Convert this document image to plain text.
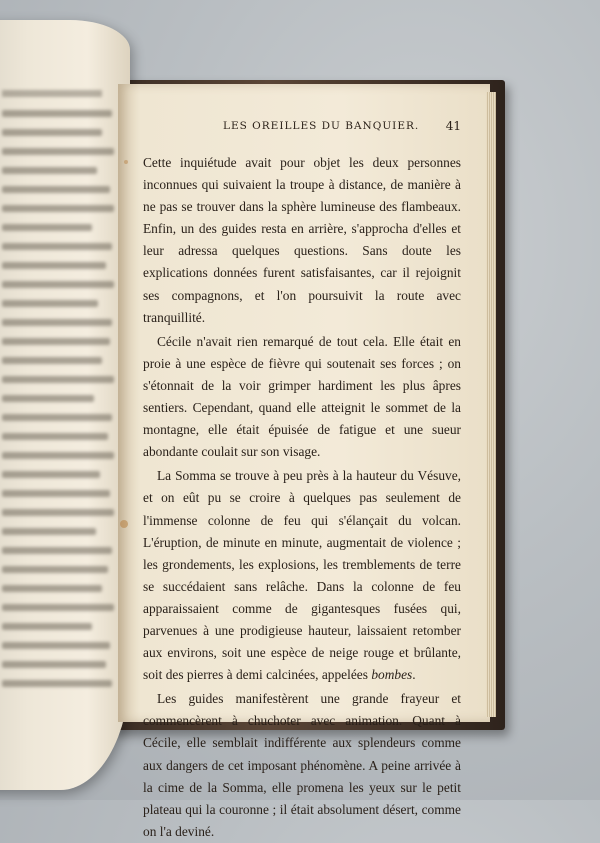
LES OREILLES DU BANQUIER. 41

Cette inquiétude avait pour objet les deux personnes inconnues qui suivaient la troupe à distance, de manière à ne pas se trouver dans la sphère lumineuse des flambeaux. Enfin, un des guides resta en arrière, s'approcha d'elles et leur adressa quelques questions. Sans doute les explications données furent satisfaisantes, car il rejoignit ses compagnons, et l'on poursuivit la route avec tranquillité.

Cécile n'avait rien remarqué de tout cela. Elle était en proie à une espèce de fièvre qui soutenait ses forces ; on s'étonnait de la voir grimper hardiment les plus âpres sentiers. Cependant, quand elle atteignit le sommet de la montagne, elle était épuisée de fatigue et une sueur abondante coulait sur son visage.

La Somma se trouve à peu près à la hauteur du Vésuve, et on eût pu se croire à quelques pas seulement de l'immense colonne de feu qui s'élançait du volcan. L'éruption, de minute en minute, augmentait de violence ; les grondements, les explosions, les tremblements de terre se succédaient sans relâche. Dans la colonne de feu apparaissaient comme de gigantesques fusées qui, parvenues à une prodigieuse hauteur, laissaient retomber aux environs, soit une espèce de neige rouge et brûlante, soit des pierres à demi calcinées, appelées bombes.

Les guides manifestèrent une grande frayeur et commencèrent à chuchoter avec animation. Quant à Cécile, elle semblait indifférente aux splendeurs comme aux dangers de cet imposant phénomène. A peine arrivée à la cime de la Somma, elle promena les yeux sur le petit plateau qui la couronne ; il était absolument désert, comme on l'a deviné.
